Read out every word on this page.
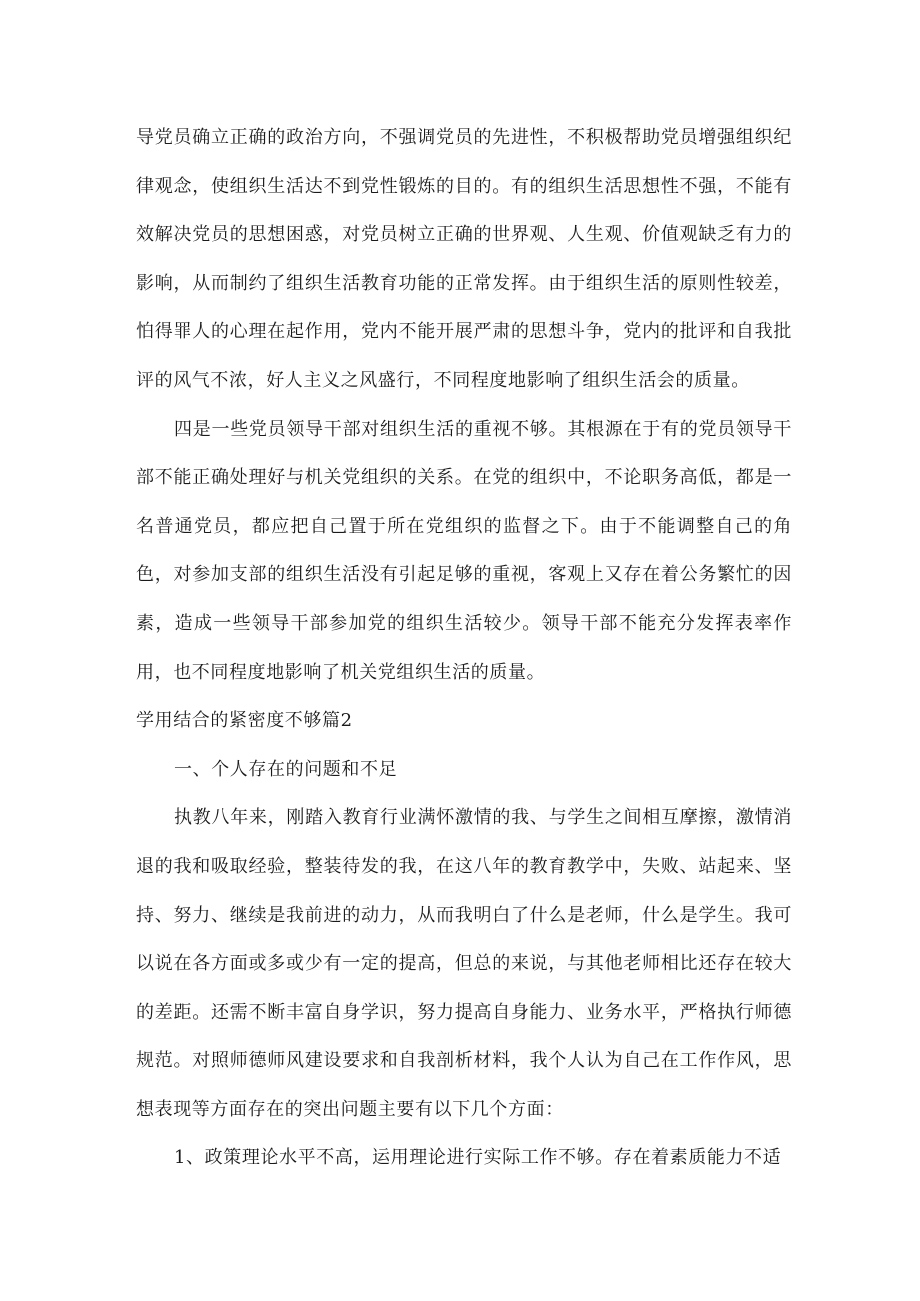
导党员确立正确的政治方向，不强调党员的先进性，不积极帮助党员增强组织纪律观念，使组织生活达不到党性锻炼的目的。有的组织生活思想性不强，不能有效解决党员的思想困惑，对党员树立正确的世界观、人生观、价值观缺乏有力的影响，从而制约了组织生活教育功能的正常发挥。由于组织生活的原则性较差，怕得罪人的心理在起作用，党内不能开展严肃的思想斗争，党内的批评和自我批评的风气不浓，好人主义之风盛行，不同程度地影响了组织生活会的质量。

四是一些党员领导干部对组织生活的重视不够。其根源在于有的党员领导干部不能正确处理好与机关党组织的关系。在党的组织中，不论职务高低，都是一名普通党员，都应把自己置于所在党组织的监督之下。由于不能调整自己的角色，对参加支部的组织生活没有引起足够的重视，客观上又存在着公务繁忙的因素，造成一些领导干部参加党的组织生活较少。领导干部不能充分发挥表率作用，也不同程度地影响了机关党组织生活的质量。

学用结合的紧密度不够篇2

一、个人存在的问题和不足

执教八年来，刚踏入教育行业满怀激情的我、与学生之间相互摩擦，激情消退的我和吸取经验，整装待发的我，在这八年的教育教学中，失败、站起来、坚持、努力、继续是我前进的动力，从而我明白了什么是老师，什么是学生。我可以说在各方面或多或少有一定的提高，但总的来说，与其他老师相比还存在较大的差距。还需不断丰富自身学识，努力提高自身能力、业务水平，严格执行师德规范。对照师德师风建设要求和自我剖析材料，我个人认为自己在工作作风，思想表现等方面存在的突出问题主要有以下几个方面：

1、政策理论水平不高，运用理论进行实际工作不够。存在着素质能力不适
